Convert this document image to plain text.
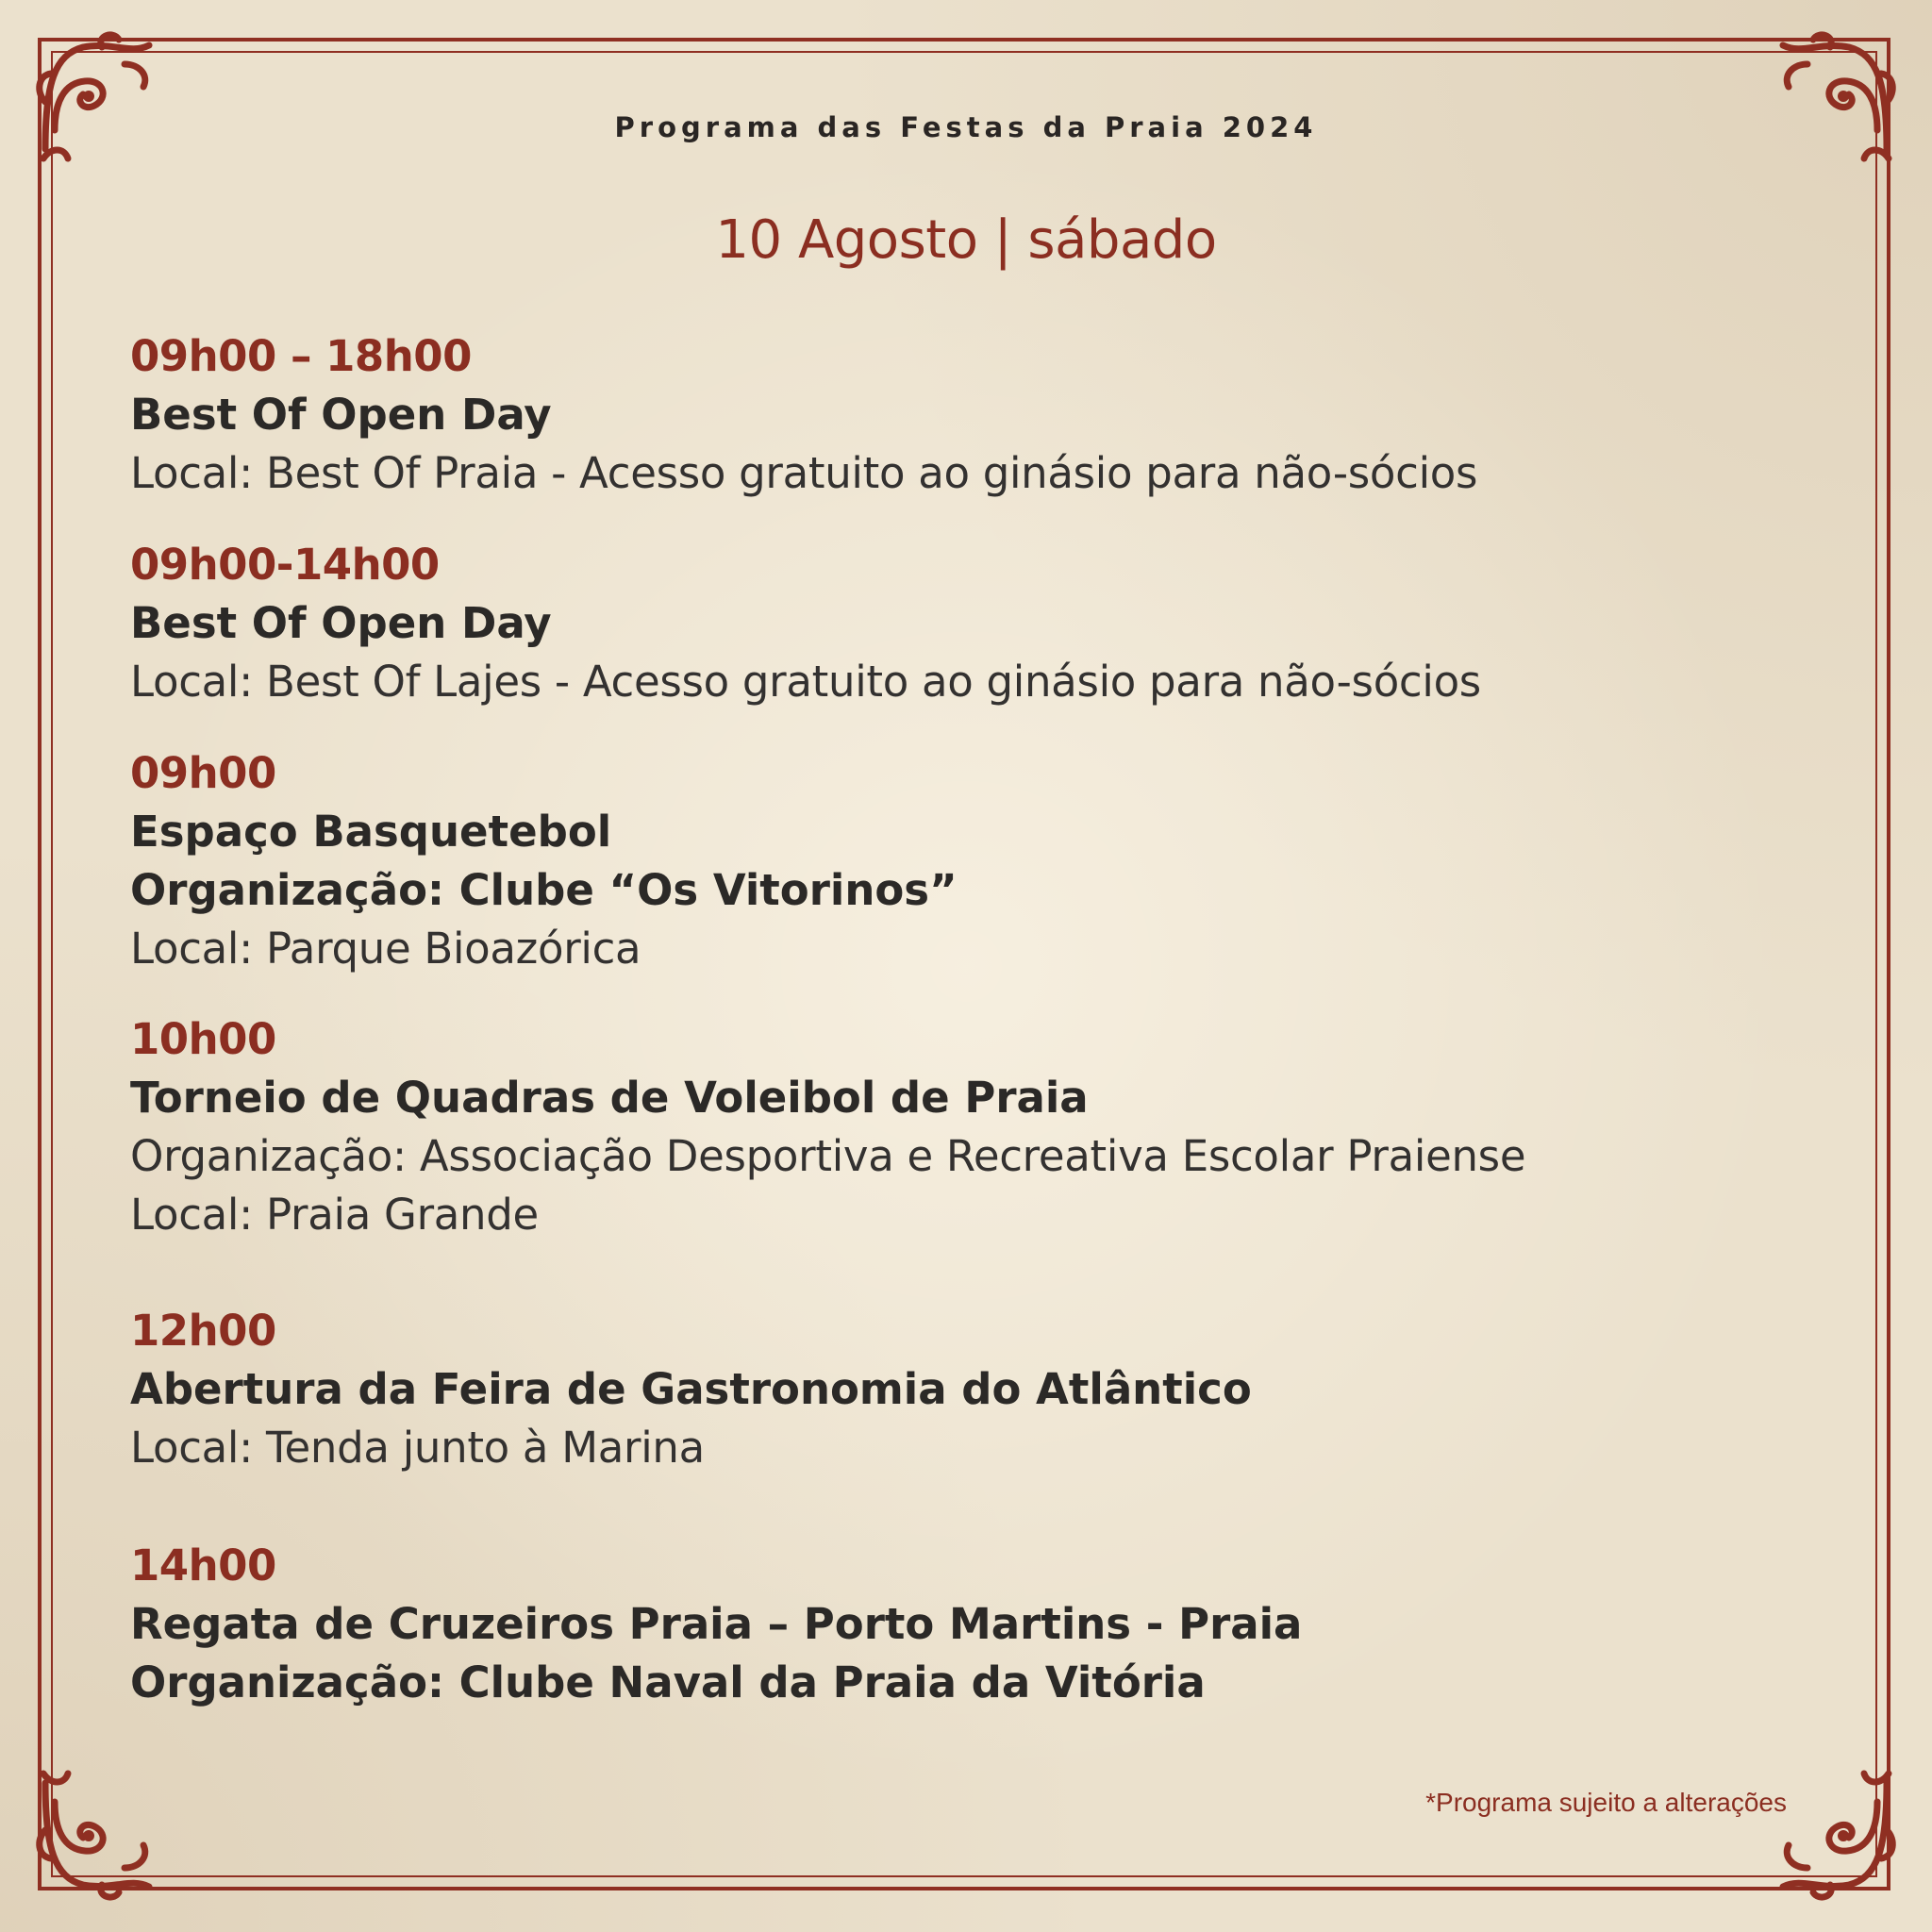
Programa das Festas da Praia 2024
10 Agosto | sábado
09h00 – 18h00
Best Of Open Day
Local: Best Of Praia - Acesso gratuito ao ginásio para não-sócios
09h00-14h00
Best Of Open Day
Local: Best Of Lajes - Acesso gratuito ao ginásio para não-sócios
09h00
Espaço Basquetebol
Organização: Clube “Os Vitorinos”
Local: Parque Bioazórica
10h00
Torneio de Quadras de Voleibol de Praia
Organização: Associação Desportiva e Recreativa Escolar Praiense
Local: Praia Grande
12h00
Abertura da Feira de Gastronomia do Atlântico
Local: Tenda junto à Marina
14h00
Regata de Cruzeiros Praia – Porto Martins - Praia
Organização: Clube Naval da Praia da Vitória
*Programa sujeito a alterações
